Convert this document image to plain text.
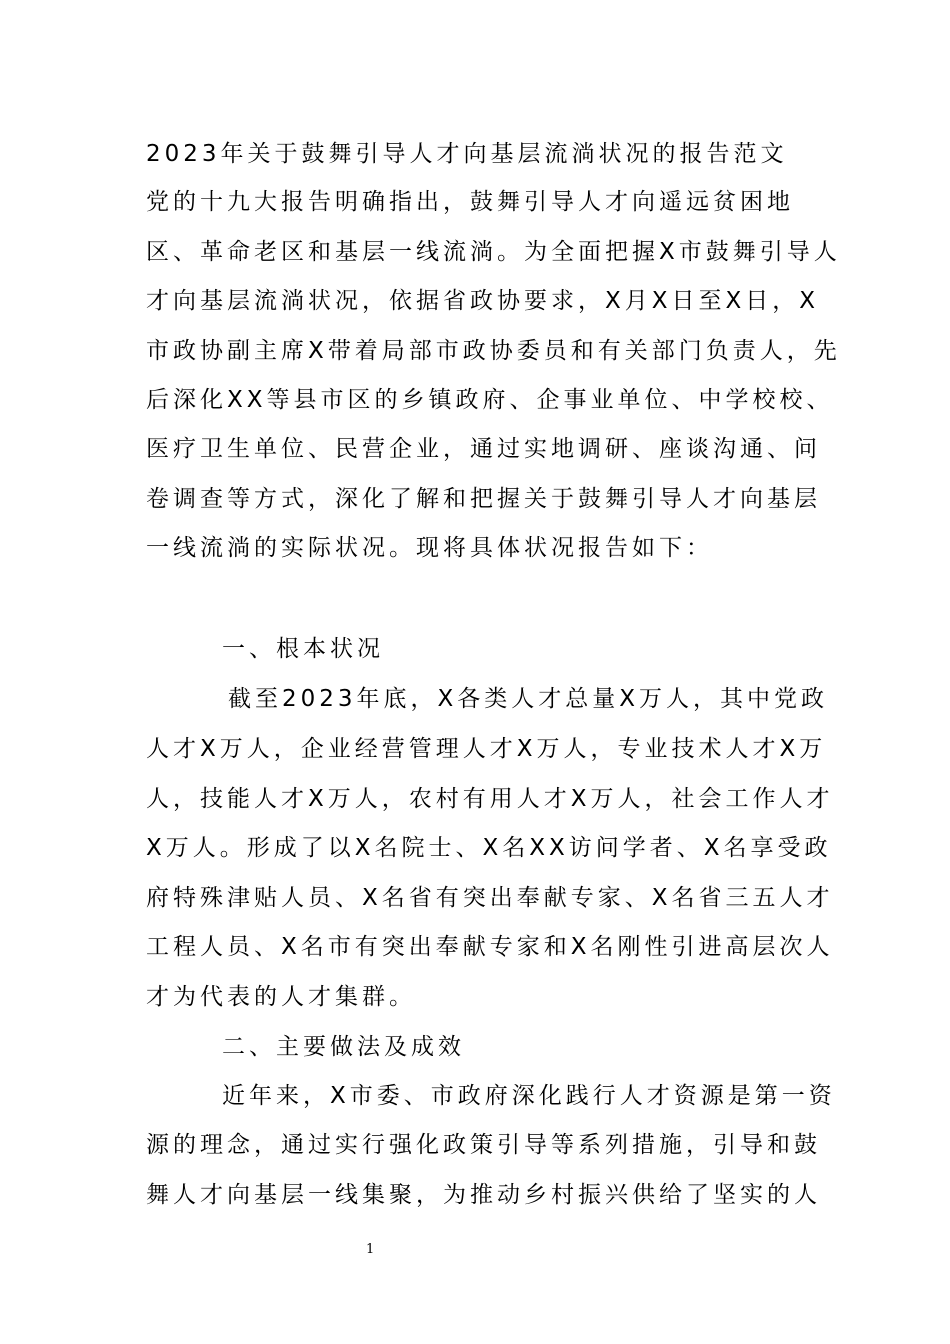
2023年关于鼓舞引导人才向基层流淌状况的报告范文
党的十九大报告明确指出，鼓舞引导人才向遥远贫困地
区、革命老区和基层一线流淌。为全面把握X市鼓舞引导人
才向基层流淌状况，依据省政协要求，X月X日至X日，X
市政协副主席X带着局部市政协委员和有关部门负责人，先
后深化XX等县市区的乡镇政府、企事业单位、中学校校、
医疗卫生单位、民营企业，通过实地调研、座谈沟通、问
卷调查等方式，深化了解和把握关于鼓舞引导人才向基层
一线流淌的实际状况。现将具体状况报告如下：
一、根本状况
截至2023年底，X各类人才总量X万人，其中党政
人才X万人，企业经营管理人才X万人，专业技术人才X万
人，技能人才X万人，农村有用人才X万人，社会工作人才
X万人。形成了以X名院士、X名XX访问学者、X名享受政
府特殊津贴人员、X名省有突出奉献专家、X名省三五人才
工程人员、X名市有突出奉献专家和X名刚性引进高层次人
才为代表的人才集群。
二、主要做法及成效
近年来，X市委、市政府深化践行人才资源是第一资
源的理念，通过实行强化政策引导等系列措施，引导和鼓
舞人才向基层一线集聚，为推动乡村振兴供给了坚实的人
1
